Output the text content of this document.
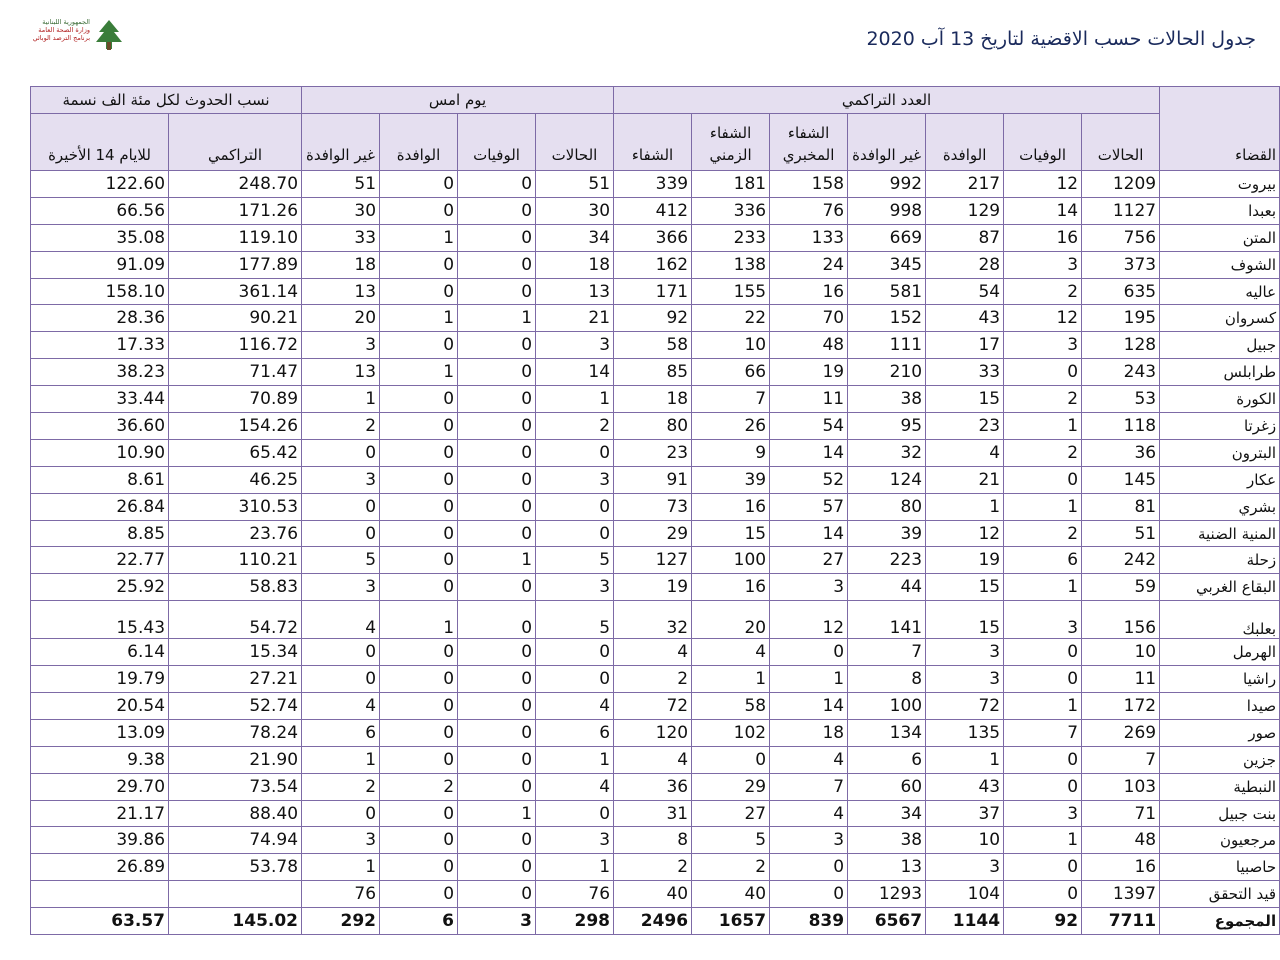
الجمهورية اللبنانية
وزارة الصحة العامة
برنامج الترصد الوبائي	جدول الحالات حسب الاقضية لتاريخ 13 آب 2020
القضاء	العدد التراكمي							يوم امس				نسب الحدوث لكل مئة الف نسمة	
	الحالات	الوفيات	الوافدة	غير الوافدة	الشفاء المخبري	الشفاء الزمني	الشفاء	الحالات	الوفيات	الوافدة	غير الوافدة	التراكمي	للايام 14 الأخيرة
بيروت	1209	12	217	992	158	181	339	51	0	0	51	248.70	122.60
بعبدا	1127	14	129	998	76	336	412	30	0	0	30	171.26	66.56
المتن	756	16	87	669	133	233	366	34	0	1	33	119.10	35.08
الشوف	373	3	28	345	24	138	162	18	0	0	18	177.89	91.09
عاليه	635	2	54	581	16	155	171	13	0	0	13	361.14	158.10
كسروان	195	12	43	152	70	22	92	21	1	1	20	90.21	28.36
جبيل	128	3	17	111	48	10	58	3	0	0	3	116.72	17.33
طرابلس	243	0	33	210	19	66	85	14	0	1	13	71.47	38.23
الكورة	53	2	15	38	11	7	18	1	0	0	1	70.89	33.44
زغرتا	118	1	23	95	54	26	80	2	0	0	2	154.26	36.60
البترون	36	2	4	32	14	9	23	0	0	0	0	65.42	10.90
عكار	145	0	21	124	52	39	91	3	0	0	3	46.25	8.61
بشري	81	1	1	80	57	16	73	0	0	0	0	310.53	26.84
المنية الضنية	51	2	12	39	14	15	29	0	0	0	0	23.76	8.85
زحلة	242	6	19	223	27	100	127	5	1	0	5	110.21	22.77
البقاع الغربي	59	1	15	44	3	16	19	3	0	0	3	58.83	25.92
بعلبك	156	3	15	141	12	20	32	5	0	1	4	54.72	15.43
الهرمل	10	0	3	7	0	4	4	0	0	0	0	15.34	6.14
راشيا	11	0	3	8	1	1	2	0	0	0	0	27.21	19.79
صيدا	172	1	72	100	14	58	72	4	0	0	4	52.74	20.54
صور	269	7	135	134	18	102	120	6	0	0	6	78.24	13.09
جزين	7	0	1	6	4	0	4	1	0	0	1	21.90	9.38
النبطية	103	0	43	60	7	29	36	4	0	2	2	73.54	29.70
بنت جبيل	71	3	37	34	4	27	31	0	1	0	0	88.40	21.17
مرجعيون	48	1	10	38	3	5	8	3	0	0	3	74.94	39.86
حاصبيا	16	0	3	13	0	2	2	1	0	0	1	53.78	26.89
قيد التحقق	1397	0	104	1293	0	40	40	76	0	0	76		
المجموع	7711	92	1144	6567	839	1657	2496	298	3	6	292	145.02	63.57
